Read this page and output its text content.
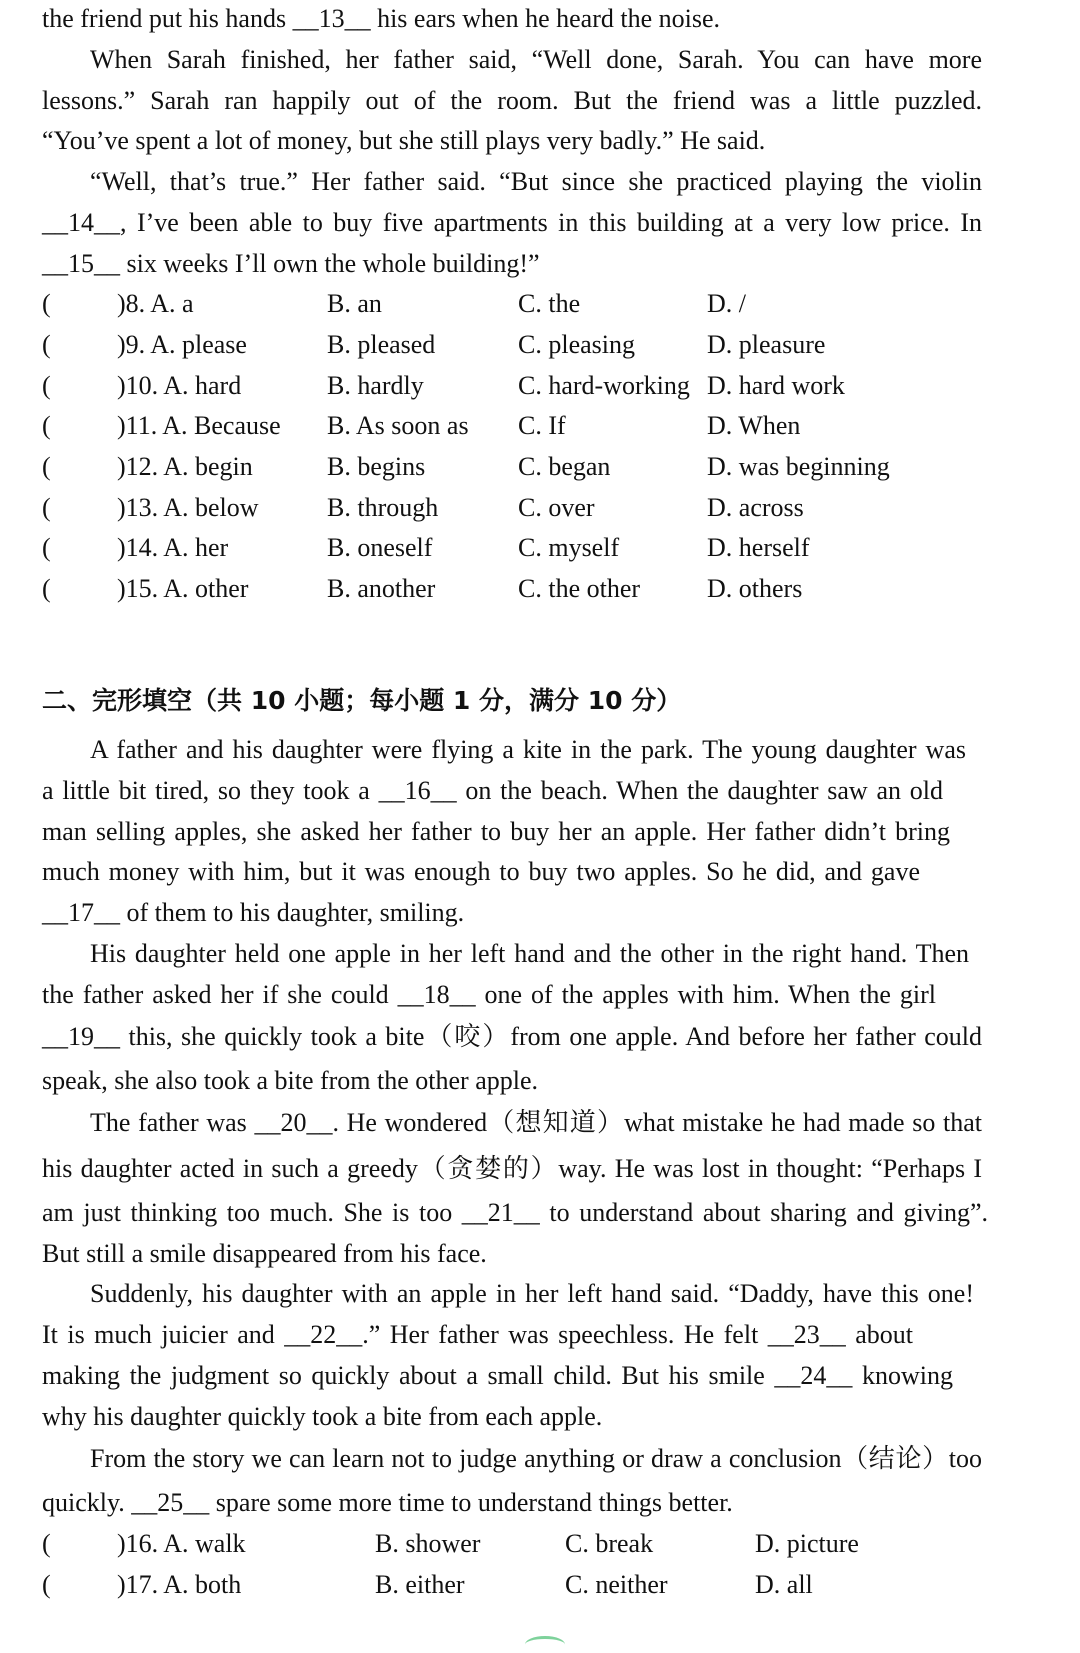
the friend put his hands __13__ his ears when he heard the noise.
When Sarah finished, her father said, “Well done, Sarah. You can have more
lessons.” Sarah ran happily out of the room. But the friend was a little puzzled.
“You’ve spent a lot of money, but she still plays very badly.” He said.
“Well, that’s true.” Her father said. “But since she practiced playing the violin
__14__, I’ve been able to buy five apartments in this building at a very low price. In
__15__ six weeks I’ll own the whole building!”
(	)8. A. a	B. an	C. the	D. /
(	)9. A. please	B. pleased	C. pleasing	D. pleasure
(	)10. A. hard	B. hardly	C. hard-working D. hard work
(	)11. A. Because B. As soon as C. If	D. When
(	)12. A. begin	B. begins	C. began	D. was beginning
(	)13. A. below	B. through	C. over	D. across
(	)14. A. her	B. oneself	C. myself	D. herself
(	)15. A. other	B. another	C. the other	D. others
二、完形填空（共 10 小题；每小题 1 分，满分 10 分）
A father and his daughter were flying a kite in the park. The young daughter was
a little bit tired, so they took a __16__ on the beach. When the daughter saw an old
man selling apples, she asked her father to buy her an apple. Her father didn’t bring
much money with him, but it was enough to buy two apples. So he did, and gave
__17__ of them to his daughter, smiling.
His daughter held one apple in her left hand and the other in the right hand. Then
the father asked her if she could __18__ one of the apples with him. When the girl
__19__ this, she quickly took a bite（咬）from one apple. And before her father could
speak, she also took a bite from the other apple.
The father was __20__. He wondered（想知道）what mistake he had made so that
his daughter acted in such a greedy（贪婪的）way. He was lost in thought: “Perhaps I
am just thinking too much. She is too __21__ to understand about sharing and giving”.
But still a smile disappeared from his face.
Suddenly, his daughter with an apple in her left hand said. “Daddy, have this one!
It is much juicier and __22__.” Her father was speechless. He felt __23__ about
making the judgment so quickly about a small child. But his smile __24__ knowing
why his daughter quickly took a bite from each apple.
From the story we can learn not to judge anything or draw a conclusion（结论）too
quickly. __25__ spare some more time to understand things better.
(	)16. A. walk	B. shower	C. break	D. picture
(	)17. A. both	B. either	C. neither	D. all
